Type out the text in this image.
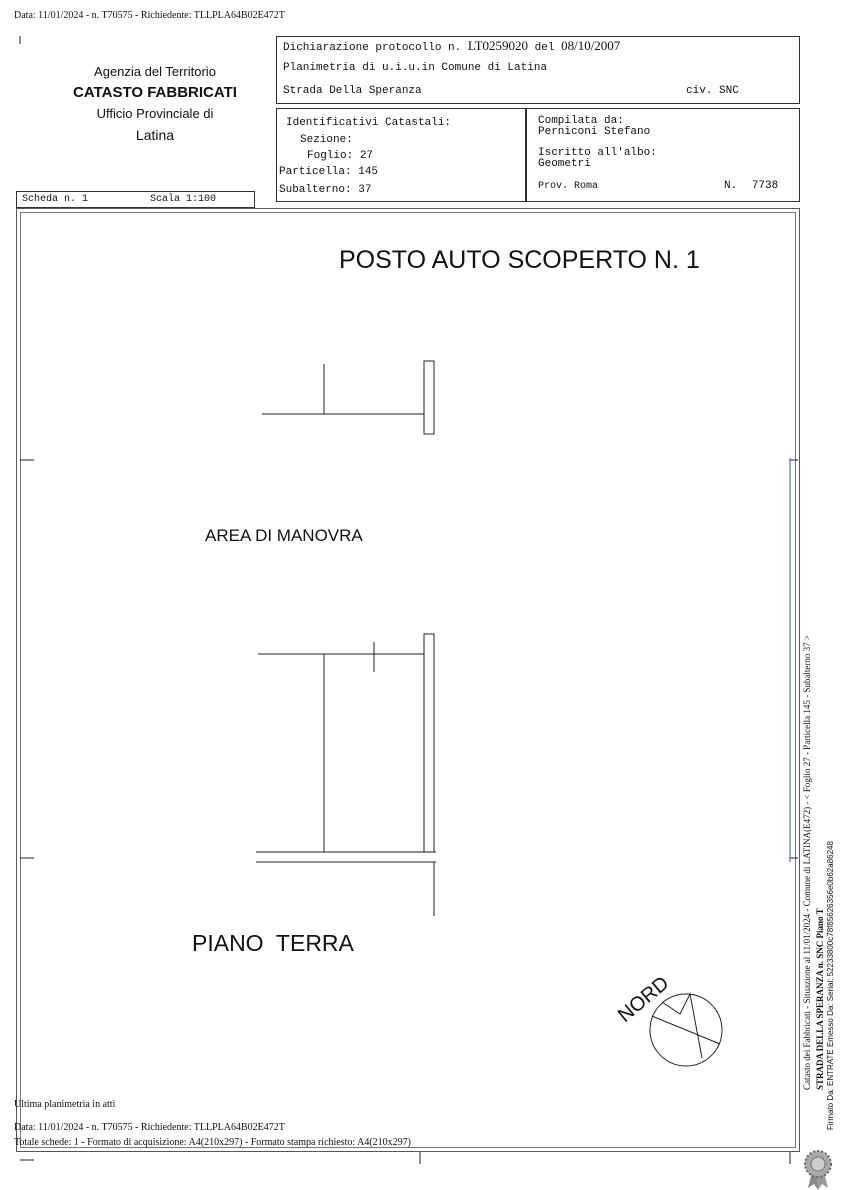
Data: 11/01/2024 - n. T70575 - Richiedente: TLLPLA64B02E472T
Agenzia del Territorio
CATASTO FABBRICATI
Ufficio Provinciale di
Latina
Dichiarazione protocollo n. LT0259020 del 08/10/2007
Planimetria di u.i.u.in Comune di Latina
Strada Della Speranza	civ. SNC
Identificativi Catastali:
Sezione:
Foglio: 27
Particella: 145
Subalterno: 37
Compilata da:
Perniconi Stefano
Iscritto all'albo:
Geometri
Prov. Roma	N. 7738
Scheda n. 1	Scala 1:100
POSTO AUTO SCOPERTO N. 1
AREA DI MANOVRA
PIANO  TERRA
NORD
Ultima planimetria in atti
Data: 11/01/2024 - n. T70575 - Richiedente: TLLPLA64B02E472T
Totale schede: 1 - Formato di acquisizione: A4(210x297) - Formato stampa richiesto: A4(210x297)
Catasto dei Fabbricati - Situazione al 11/01/2024 - Comune di LATINA(E472) - < Foglio 27 - Particella 145 - Subalterno 37 > STRADA DELLA SPERANZA n. SNC Piano T Firmato Da: ENTRATE Emesso Da: Serial: 52233800c78f85626356e0b62a86248
